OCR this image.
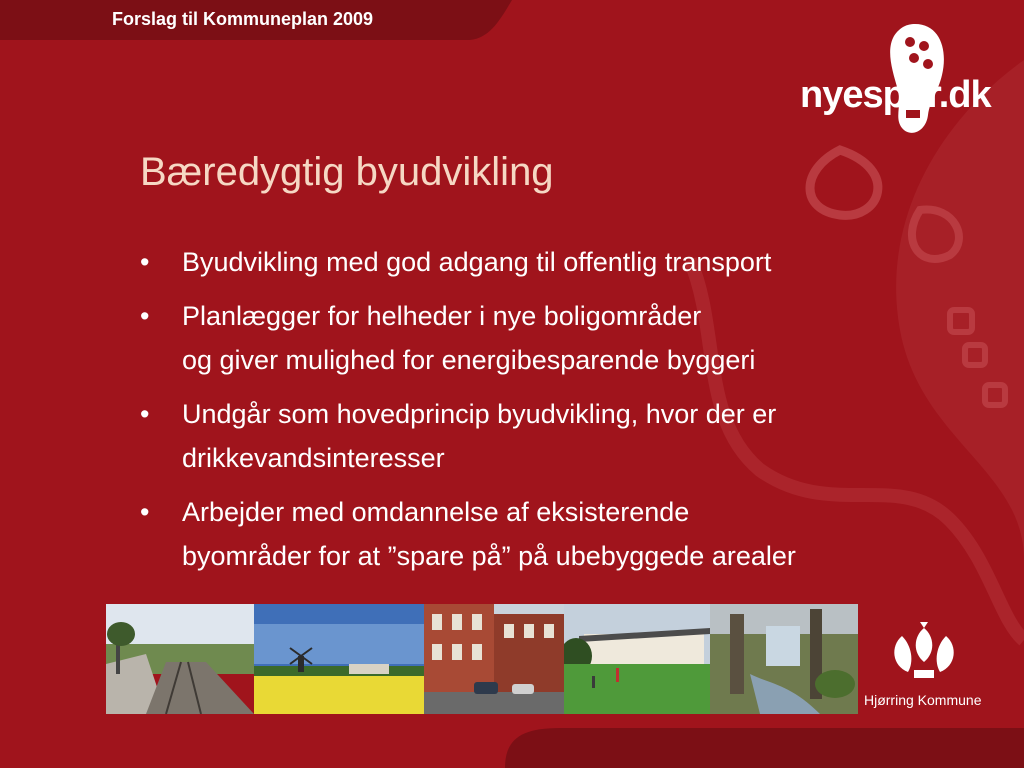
Forslag til Kommuneplan 2009
nyespor.dk
Bæredygtig byudvikling
• Byudvikling med god adgang til offentlig transport
• Planlægger for helheder i nye boligområder
og giver mulighed for energibesparende byggeri
• Undgår som hovedprincip byudvikling, hvor der er
drikkevandsinteresser
• Arbejder med omdannelse af eksisterende
byområder for at ”spare på” på ubebyggede arealer
Hjørring Kommune
